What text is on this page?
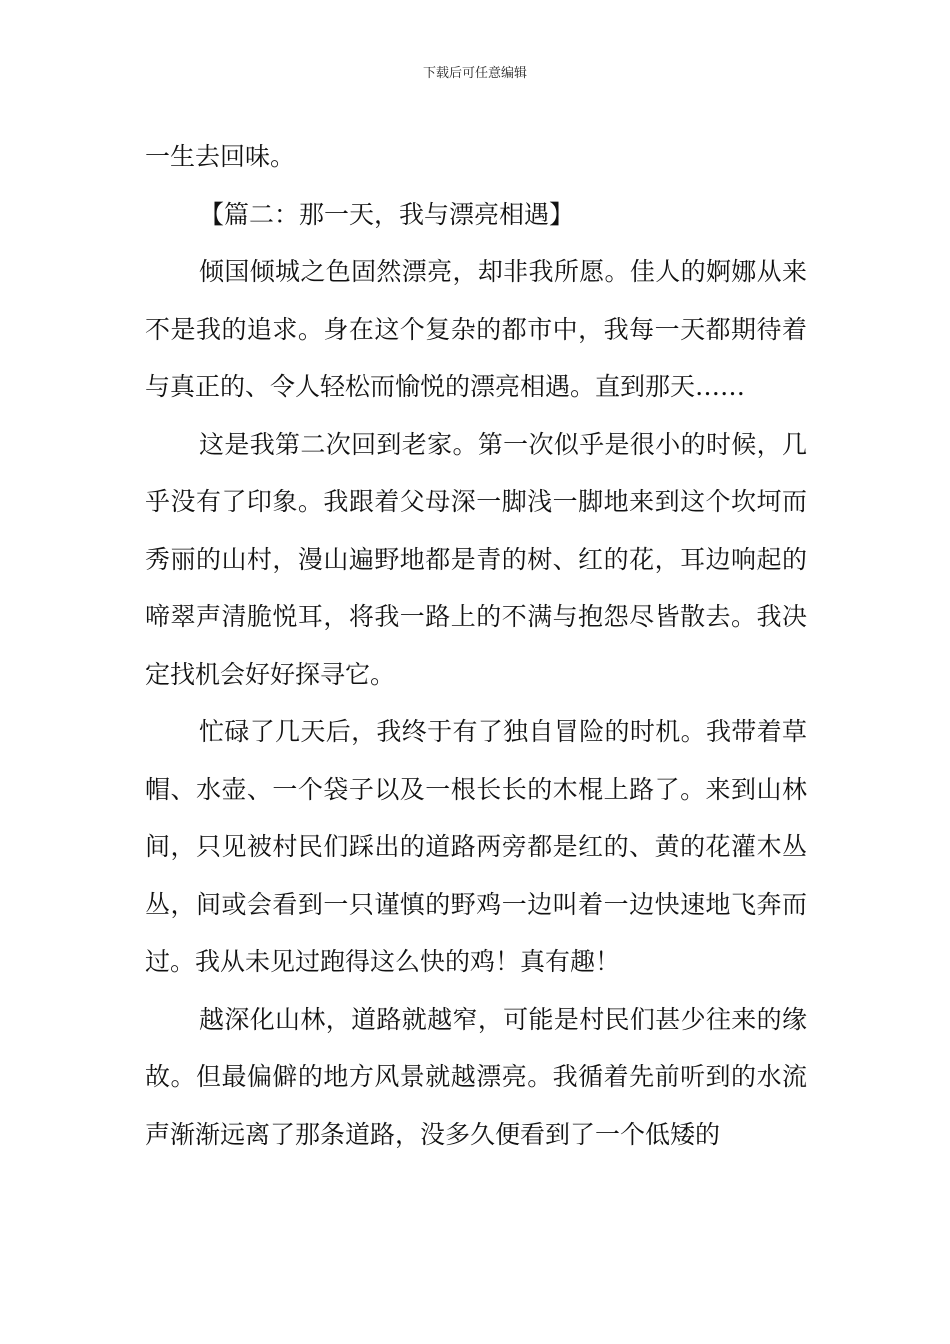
下载后可任意编辑

一生去回味。

【篇二：那一天，我与漂亮相遇】

倾国倾城之色固然漂亮，却非我所愿。佳人的婀娜从来不是我的追求。身在这个复杂的都市中，我每一天都期待着与真正的、令人轻松而愉悦的漂亮相遇。直到那天……

这是我第二次回到老家。第一次似乎是很小的时候，几乎没有了印象。我跟着父母深一脚浅一脚地来到这个坎坷而秀丽的山村，漫山遍野地都是青的树、红的花，耳边响起的啼翠声清脆悦耳，将我一路上的不满与抱怨尽皆散去。我决定找机会好好探寻它。

忙碌了几天后，我终于有了独自冒险的时机。我带着草帽、水壶、一个袋子以及一根长长的木棍上路了。来到山林间，只见被村民们踩出的道路两旁都是红的、黄的花灌木丛丛，间或会看到一只谨慎的野鸡一边叫着一边快速地飞奔而过。我从未见过跑得这么快的鸡！真有趣！

越深化山林，道路就越窄，可能是村民们甚少往来的缘故。但最偏僻的地方风景就越漂亮。我循着先前听到的水流声渐渐远离了那条道路，没多久便看到了一个低矮的
